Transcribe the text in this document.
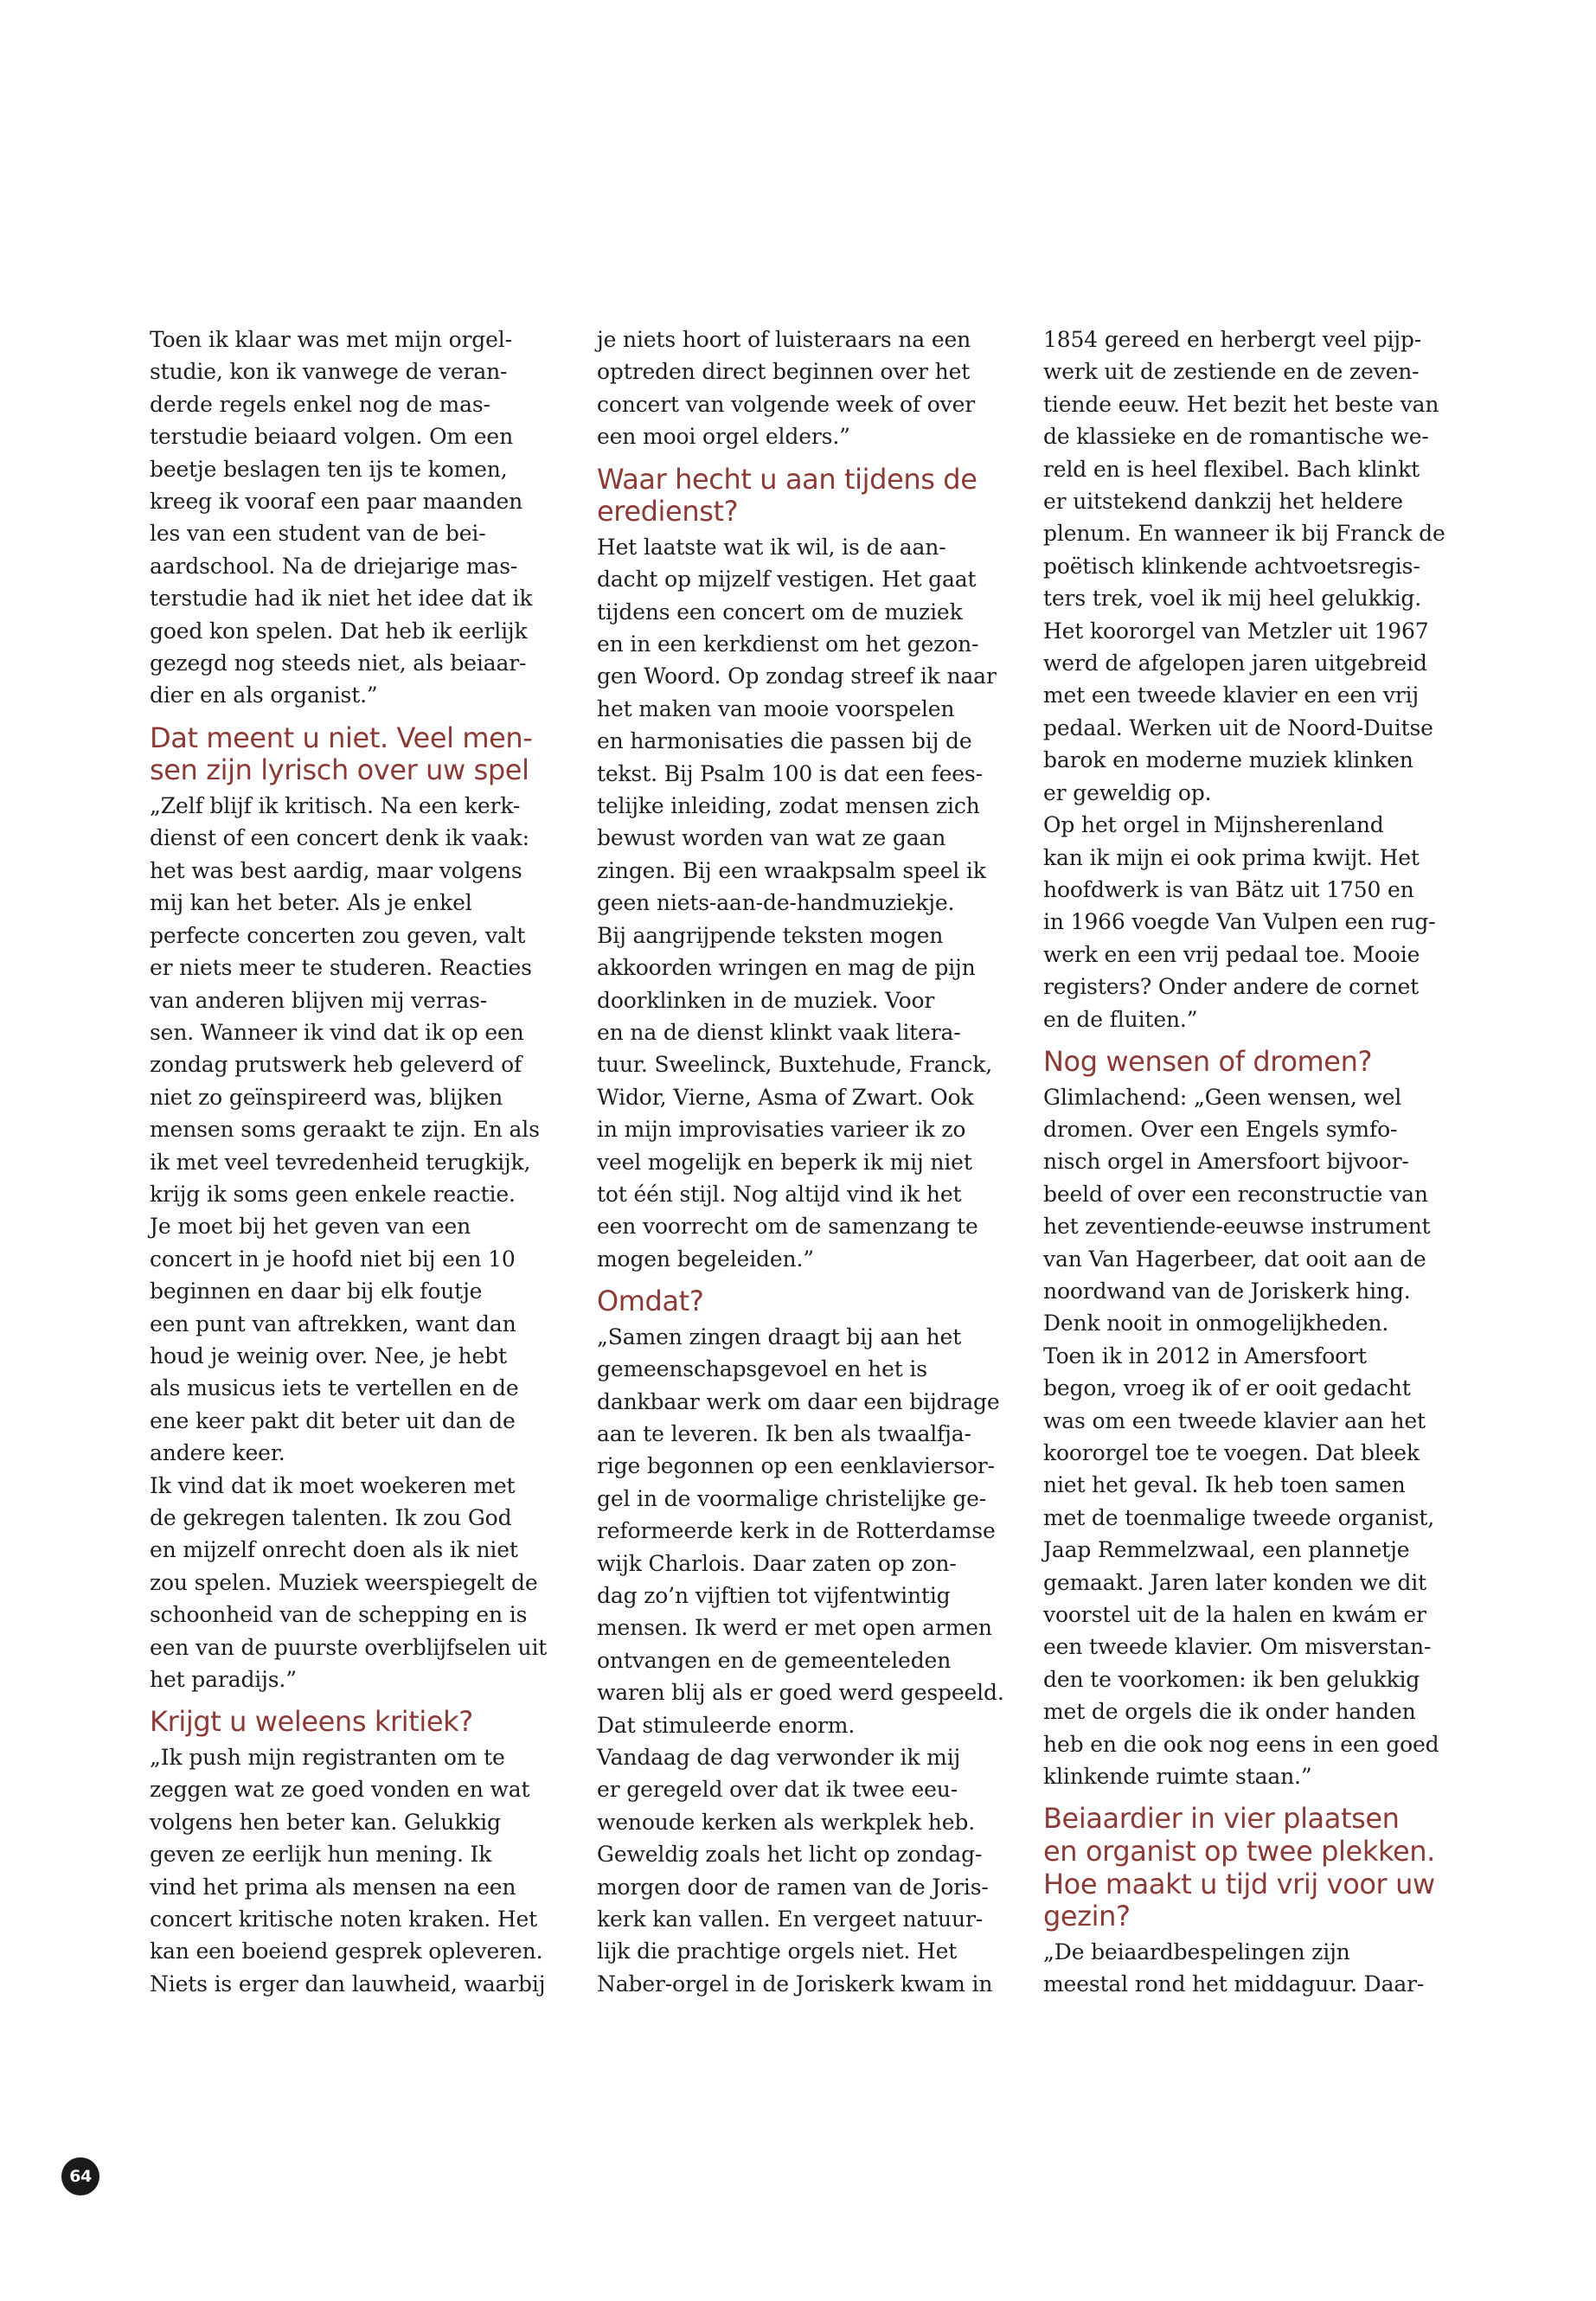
Toen ik klaar was met mijn orgel-
studie, kon ik vanwege de veran-
derde regels enkel nog de mas-
terstudie beiaard volgen. Om een
beetje beslagen ten ijs te komen,
kreeg ik vooraf een paar maanden
les van een student van de bei-
aardschool. Na de driejarige mas-
terstudie had ik niet het idee dat ik
goed kon spelen. Dat heb ik eerlijk
gezegd nog steeds niet, als beiaar-
dier en als organist.”
Dat meent u niet. Veel men-
sen zijn lyrisch over uw spel
„Zelf blijf ik kritisch. Na een kerk-
dienst of een concert denk ik vaak:
het was best aardig, maar volgens
mij kan het beter. Als je enkel
perfecte concerten zou geven, valt
er niets meer te studeren. Reacties
van anderen blijven mij verras-
sen. Wanneer ik vind dat ik op een
zondag prutswerk heb geleverd of
niet zo geïnspireerd was, blijken
mensen soms geraakt te zijn. En als
ik met veel tevredenheid terugkijk,
krijg ik soms geen enkele reactie.
Je moet bij het geven van een
concert in je hoofd niet bij een 10
beginnen en daar bij elk foutje
een punt van aftrekken, want dan
houd je weinig over. Nee, je hebt
als musicus iets te vertellen en de
ene keer pakt dit beter uit dan de
andere keer.
Ik vind dat ik moet woekeren met
de gekregen talenten. Ik zou God
en mijzelf onrecht doen als ik niet
zou spelen. Muziek weerspiegelt de
schoonheid van de schepping en is
een van de puurste overblijfselen uit
het paradijs.”
Krijgt u weleens kritiek?
„Ik push mijn registranten om te
zeggen wat ze goed vonden en wat
volgens hen beter kan. Gelukkig
geven ze eerlijk hun mening. Ik
vind het prima als mensen na een
concert kritische noten kraken. Het
kan een boeiend gesprek opleveren.
Niets is erger dan lauwheid, waarbij
je niets hoort of luisteraars na een
optreden direct beginnen over het
concert van volgende week of over
een mooi orgel elders.”
Waar hecht u aan tijdens de
eredienst?
Het laatste wat ik wil, is de aan-
dacht op mijzelf vestigen. Het gaat
tijdens een concert om de muziek
en in een kerkdienst om het gezon-
gen Woord. Op zondag streef ik naar
het maken van mooie voorspelen
en harmonisaties die passen bij de
tekst. Bij Psalm 100 is dat een fees-
telijke inleiding, zodat mensen zich
bewust worden van wat ze gaan
zingen. Bij een wraakpsalm speel ik
geen niets-aan-de-handmuziekje.
Bij aangrijpende teksten mogen
akkoorden wringen en mag de pijn
doorklinken in de muziek. Voor
en na de dienst klinkt vaak litera-
tuur. Sweelinck, Buxtehude, Franck,
Widor, Vierne, Asma of Zwart. Ook
in mijn improvisaties varieer ik zo
veel mogelijk en beperk ik mij niet
tot één stijl. Nog altijd vind ik het
een voorrecht om de samenzang te
mogen begeleiden.”
Omdat?
„Samen zingen draagt bij aan het
gemeenschapsgevoel en het is
dankbaar werk om daar een bijdrage
aan te leveren. Ik ben als twaalfja-
rige begonnen op een eenklaviersor-
gel in de voormalige christelijke ge-
reformeerde kerk in de Rotterdamse
wijk Charlois. Daar zaten op zon-
dag zo’n vijftien tot vijfentwintig
mensen. Ik werd er met open armen
ontvangen en de gemeenteleden
waren blij als er goed werd gespeeld.
Dat stimuleerde enorm.
Vandaag de dag verwonder ik mij
er geregeld over dat ik twee eeu-
wenoude kerken als werkplek heb.
Geweldig zoals het licht op zondag-
morgen door de ramen van de Joris-
kerk kan vallen. En vergeet natuur-
lijk die prachtige orgels niet. Het
Naber-orgel in de Joriskerk kwam in
1854 gereed en herbergt veel pijp-
werk uit de zestiende en de zeven-
tiende eeuw. Het bezit het beste van
de klassieke en de romantische we-
reld en is heel flexibel. Bach klinkt
er uitstekend dankzij het heldere
plenum. En wanneer ik bij Franck de
poëtisch klinkende achtvoetsregis-
ters trek, voel ik mij heel gelukkig.
Het koororgel van Metzler uit 1967
werd de afgelopen jaren uitgebreid
met een tweede klavier en een vrij
pedaal. Werken uit de Noord-Duitse
barok en moderne muziek klinken
er geweldig op.
Op het orgel in Mijnsherenland
kan ik mijn ei ook prima kwijt. Het
hoofdwerk is van Bätz uit 1750 en
in 1966 voegde Van Vulpen een rug-
werk en een vrij pedaal toe. Mooie
registers? Onder andere de cornet
en de fluiten.”
Nog wensen of dromen?
Glimlachend: „Geen wensen, wel
dromen. Over een Engels symfo-
nisch orgel in Amersfoort bijvoor-
beeld of over een reconstructie van
het zeventiende-eeuwse instrument
van Van Hagerbeer, dat ooit aan de
noordwand van de Joriskerk hing.
Denk nooit in onmogelijkheden.
Toen ik in 2012 in Amersfoort
begon, vroeg ik of er ooit gedacht
was om een tweede klavier aan het
koororgel toe te voegen. Dat bleek
niet het geval. Ik heb toen samen
met de toenmalige tweede organist,
Jaap Remmelzwaal, een plannetje
gemaakt. Jaren later konden we dit
voorstel uit de la halen en kwám er
een tweede klavier. Om misverstan-
den te voorkomen: ik ben gelukkig
met de orgels die ik onder handen
heb en die ook nog eens in een goed
klinkende ruimte staan.”
Beiaardier in vier plaatsen
en organist op twee plekken.
Hoe maakt u tijd vrij voor uw
gezin?
„De beiaardbespelingen zijn
meestal rond het middaguur. Daar-
64
